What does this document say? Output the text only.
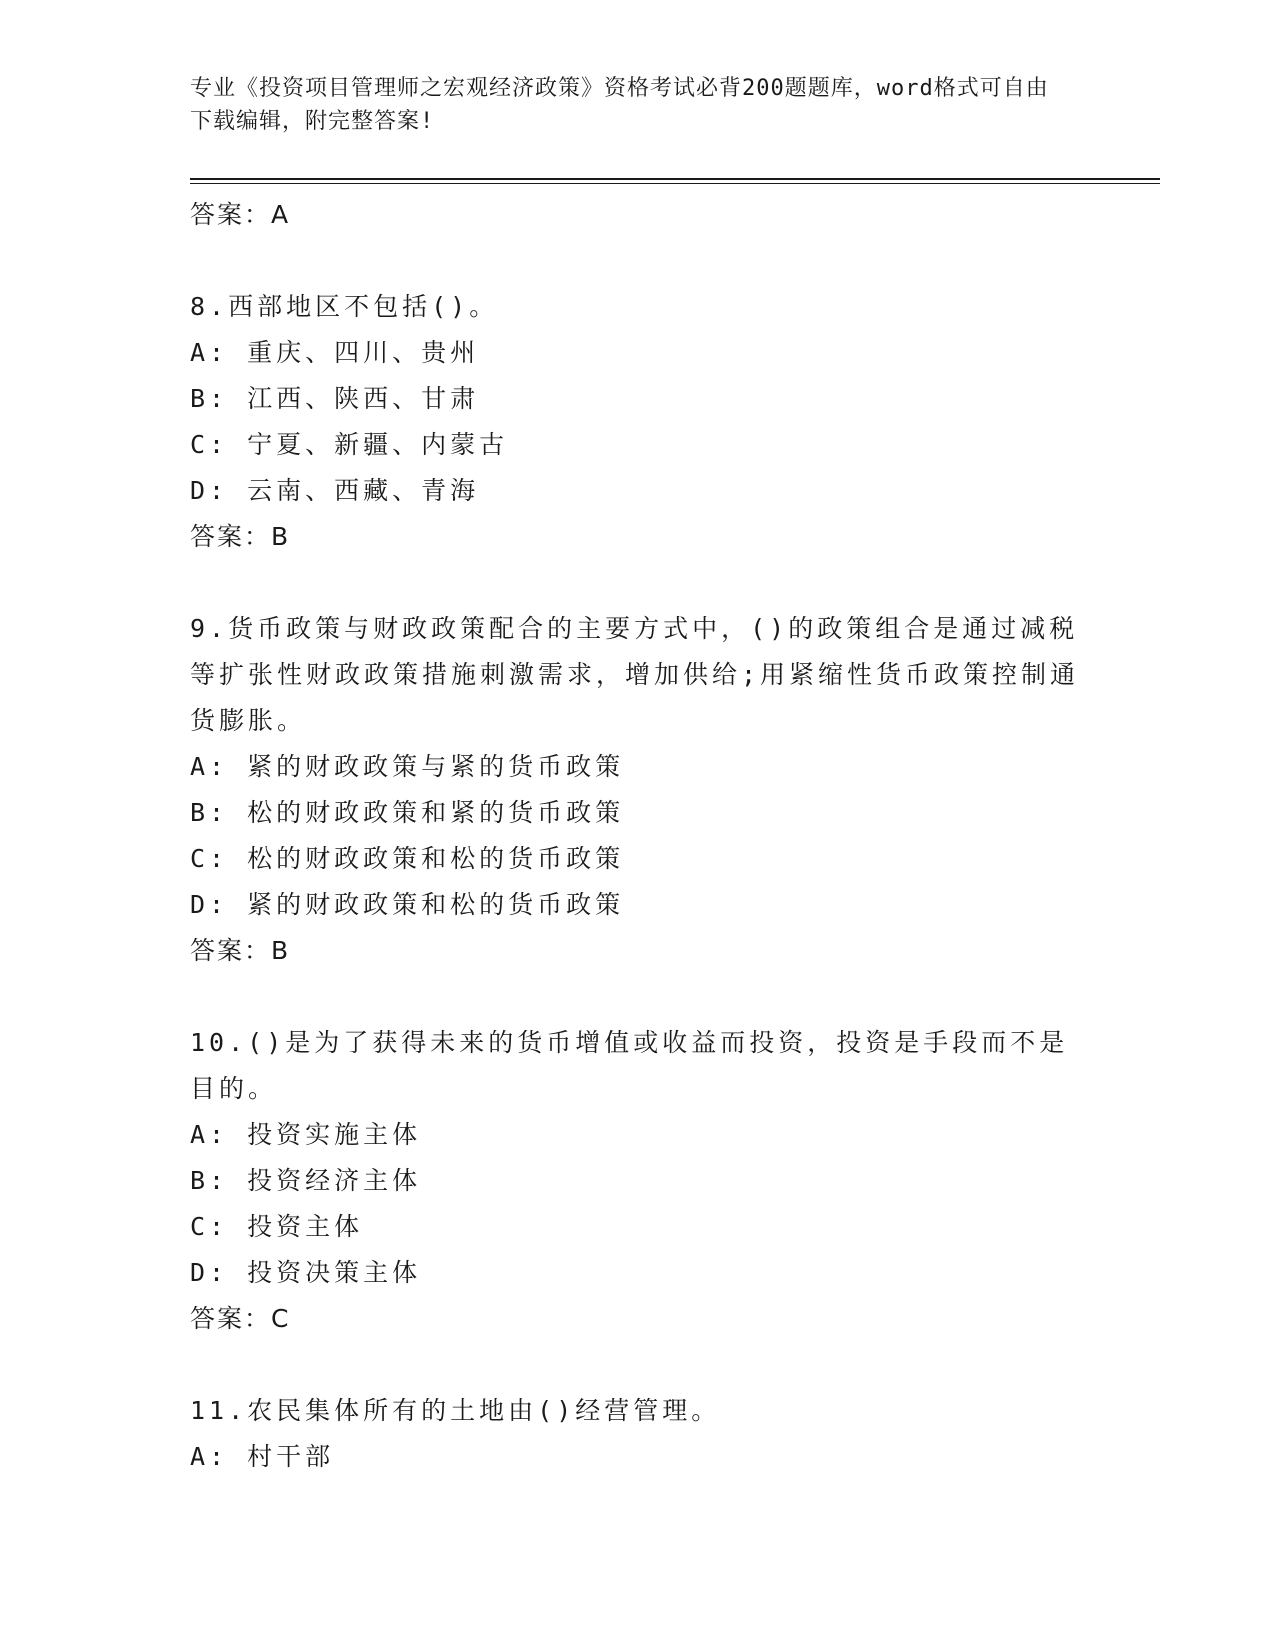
专业《投资项目管理师之宏观经济政策》资格考试必背200题题库，word格式可自由下载编辑，附完整答案!
答案：A
8.西部地区不包括()。
A: 重庆、四川、贵州
B: 江西、陕西、甘肃
C: 宁夏、新疆、内蒙古
D: 云南、西藏、青海
答案：B
9.货币政策与财政政策配合的主要方式中，()的政策组合是通过减税等扩张性财政政策措施刺激需求，增加供给;用紧缩性货币政策控制通货膨胀。
A: 紧的财政政策与紧的货币政策
B: 松的财政政策和紧的货币政策
C: 松的财政政策和松的货币政策
D: 紧的财政政策和松的货币政策
答案：B
10.()是为了获得未来的货币增值或收益而投资，投资是手段而不是目的。
A: 投资实施主体
B: 投资经济主体
C: 投资主体
D: 投资决策主体
答案：C
11.农民集体所有的土地由()经营管理。
A: 村干部
